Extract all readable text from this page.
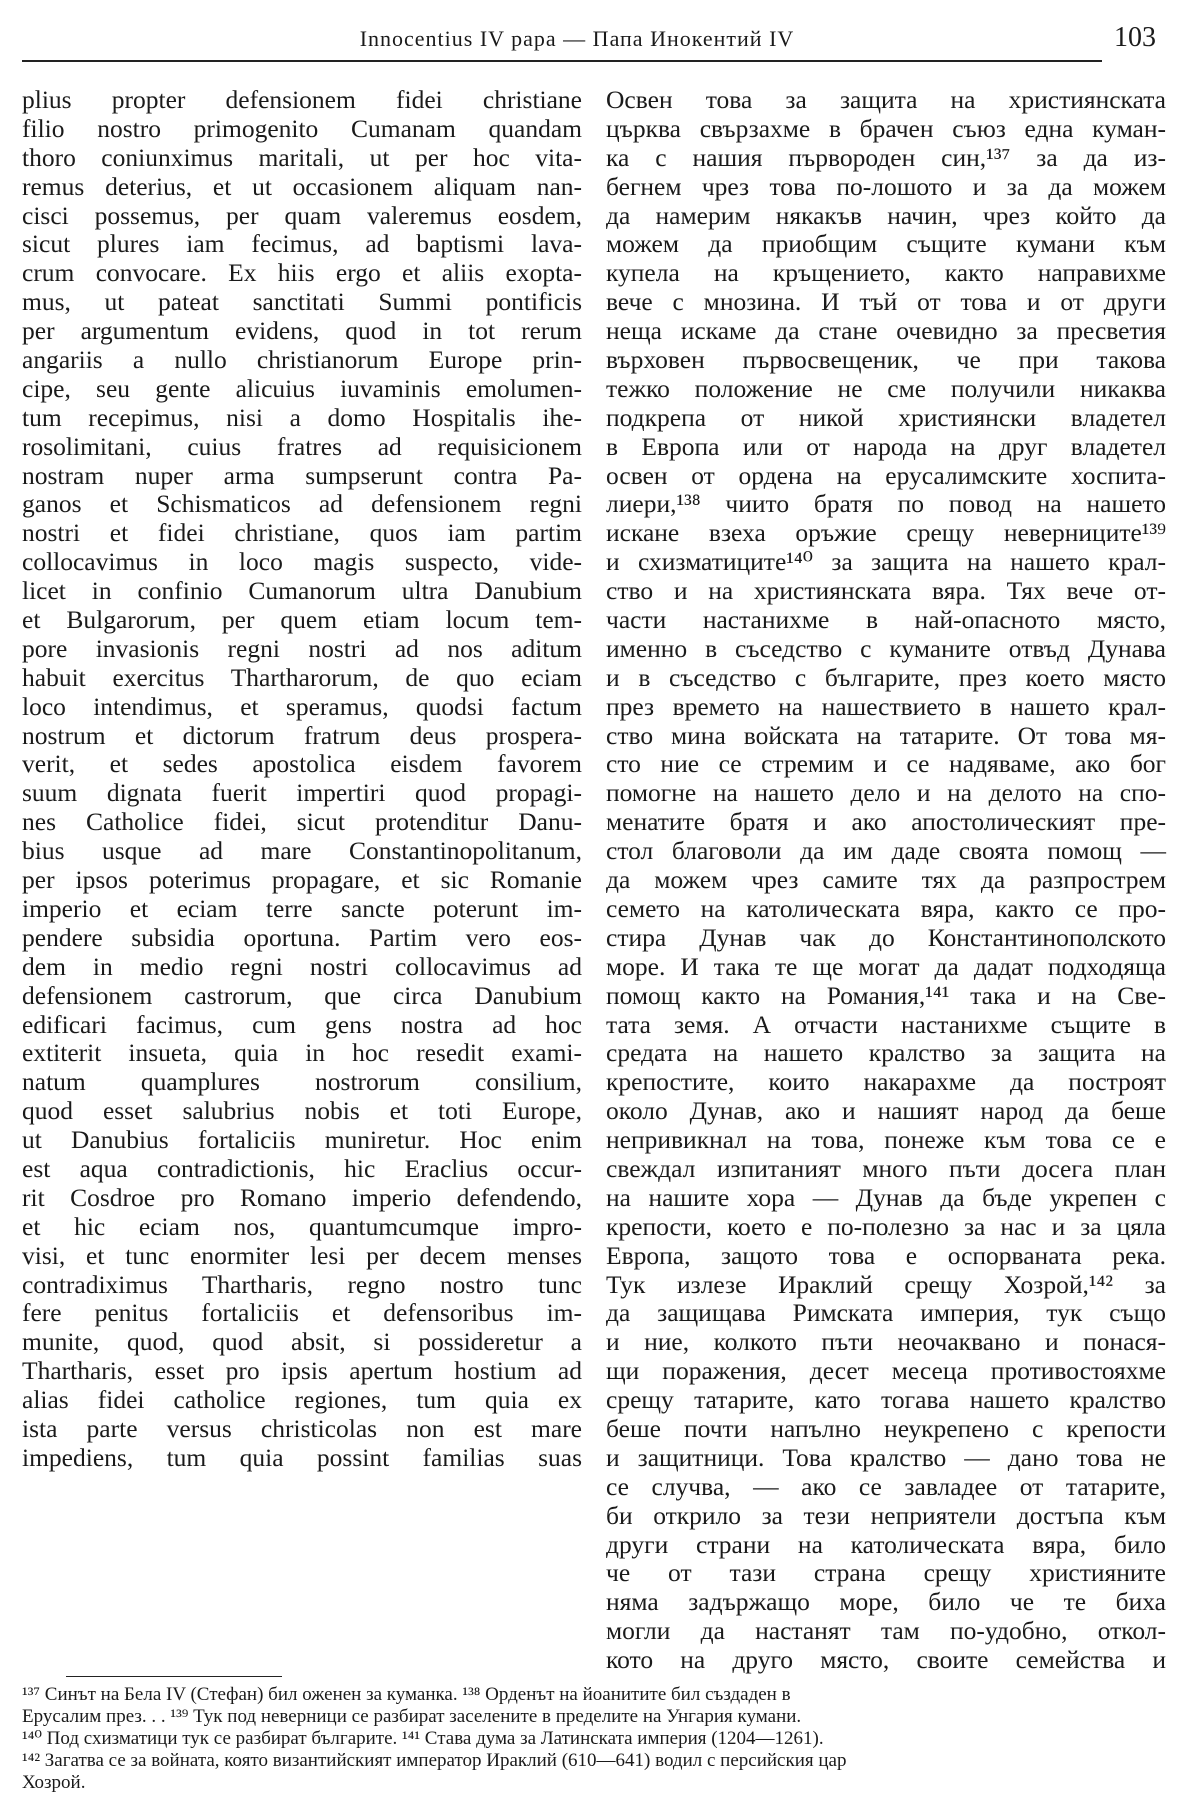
Innocentius IV papa — Папа Инокентий IV	103
plius propter defensionem fidei christiane
filio nostro primogenito Cumanam quandam
thoro coniunximus maritali, ut per hoc vita-
remus deterius, et ut occasionem aliquam nan-
cisci possemus, per quam valeremus eosdem,
sicut plures iam fecimus, ad baptismi lava-
crum convocare. Ex hiis ergo et aliis exopta-
mus, ut pateat sanctitati Summi pontificis
per argumentum evidens, quod in tot rerum
angariis a nullo christianorum Europe prin-
cipe, seu gente alicuius iuvaminis emolumen-
tum recepimus, nisi a domo Hospitalis ihe-
rosolimitani, cuius fratres ad requisicionem
nostram nuper arma sumpserunt contra Pa-
ganos et Schismaticos ad defensionem regni
nostri et fidei christiane, quos iam partim
collocavimus in loco magis suspecto, vide-
licet in confinio Cumanorum ultra Danubium
et Bulgarorum, per quem etiam locum tem-
pore invasionis regni nostri ad nos aditum
habuit exercitus Thartharorum, de quo eciam
loco intendimus, et speramus, quodsi factum
nostrum et dictorum fratrum deus prospera-
verit, et sedes apostolica eisdem favorem
suum dignata fuerit impertiri quod propagi-
nes Catholice fidei, sicut protenditur Danu-
bius usque ad mare Constantinopolitanum,
per ipsos poterimus propagare, et sic Romanie
imperio et eciam terre sancte poterunt im-
pendere subsidia oportuna. Partim vero eos-
dem in medio regni nostri collocavimus ad
defensionem castrorum, que circa Danubium
edificari facimus, cum gens nostra ad hoc
extiterit insueta, quia in hoc resedit exami-
natum quamplures nostrorum consilium,
quod esset salubrius nobis et toti Europe,
ut Danubius fortaliciis muniretur. Hoc enim
est aqua contradictionis, hic Eraclius occur-
rit Cosdroe pro Romano imperio defendendo,
et hic eciam nos, quantumcumque impro-
visi, et tunc enormiter lesi per decem menses
contradiximus Thartharis, regno nostro tunc
fere penitus fortaliciis et defensoribus im-
munite, quod, quod absit, si possideretur a
Thartharis, esset pro ipsis apertum hostium ad
alias fidei catholice regiones, tum quia ex
ista parte versus christicolas non est mare
impediens, tum quia possint familias suas
Освен това за защита на християнската
църква свързахме в брачен съюз една куман-
ка с нашия първороден син,¹³⁷ за да из-
бегнем чрез това по-лошото и за да можем
да намерим някакъв начин, чрез който да
можем да приобщим същите кумани към
купела на кръщението, както направихме
вече с мнозина. И тъй от това и от други
неща искаме да стане очевидно за пресветия
върховен първосвещеник, че при такова
тежко положение не сме получили никаква
подкрепа от никой християнски владетел
в Европа или от народа на друг владетел
освен от ордена на ерусалимските хоспита-
лиери,¹³⁸ чиито братя по повод на нашето
искане взеха оръжие срещу неверниците¹³⁹
и схизматиците¹⁴⁰ за защита на нашето крал-
ство и на християнската вяра. Тях вече от-
части настанихме в най-опасното място,
именно в съседство с куманите отвъд Дунава
и в съседство с българите, през което място
през времето на нашествието в нашето крал-
ство мина войската на татарите. От това мя-
сто ние се стремим и се надяваме, ако бог
помогне на нашето дело и на делото на спо-
менатите братя и ако апостолическият пре-
стол благоволи да им даде своята помощ —
да можем чрез самите тях да разпрострем
семето на католическата вяра, както се про-
стира Дунав чак до Константинополското
море. И така те ще могат да дадат подходяща
помощ както на Романия,¹⁴¹ така и на Све-
тата земя. А отчасти настанихме същите в
средата на нашето кралство за защита на
крепостите, които накарахме да построят
около Дунав, ако и нашият народ да беше
непривикнал на това, понеже към това се е
свеждал изпитаният много пъти досега план
на нашите хора — Дунав да бъде укрепен с
крепости, което е по-полезно за нас и за цяла
Европа, защото това е оспорваната река.
Тук излезе Ираклий срещу Хозрой,¹⁴² за
да защищава Римската империя, тук също
и ние, колкото пъти неочаквано и понася-
щи поражения, десет месеца противостояхме
срещу татарите, като тогава нашето кралство
беше почти напълно неукрепено с крепости
и защитници. Това кралство — дано това не
се случва, — ако се завладее от татарите,
би открило за тези неприятели достъпа към
други страни на католическата вяра, било
че от тази страна срещу християните
няма задържащо море, било че те биха
могли да настанят там по-удобно, откол-
кото на друго място, своите семейства и
¹³⁷ Синът на Бела IV (Стефан) бил оженен за куманка. ¹³⁸ Орденът на йоанитите бил създаден в
Ерусалим през. . . ¹³⁹ Тук под неверници се разбират заселените в пределите на Унгария кумани.
¹⁴⁰ Под схизматици тук се разбират българите. ¹⁴¹ Става дума за Латинската империя (1204—1261).
¹⁴² Загатва се за войната, която византийският император Ираклий (610—641) водил с персийския цар
Хозрой.
